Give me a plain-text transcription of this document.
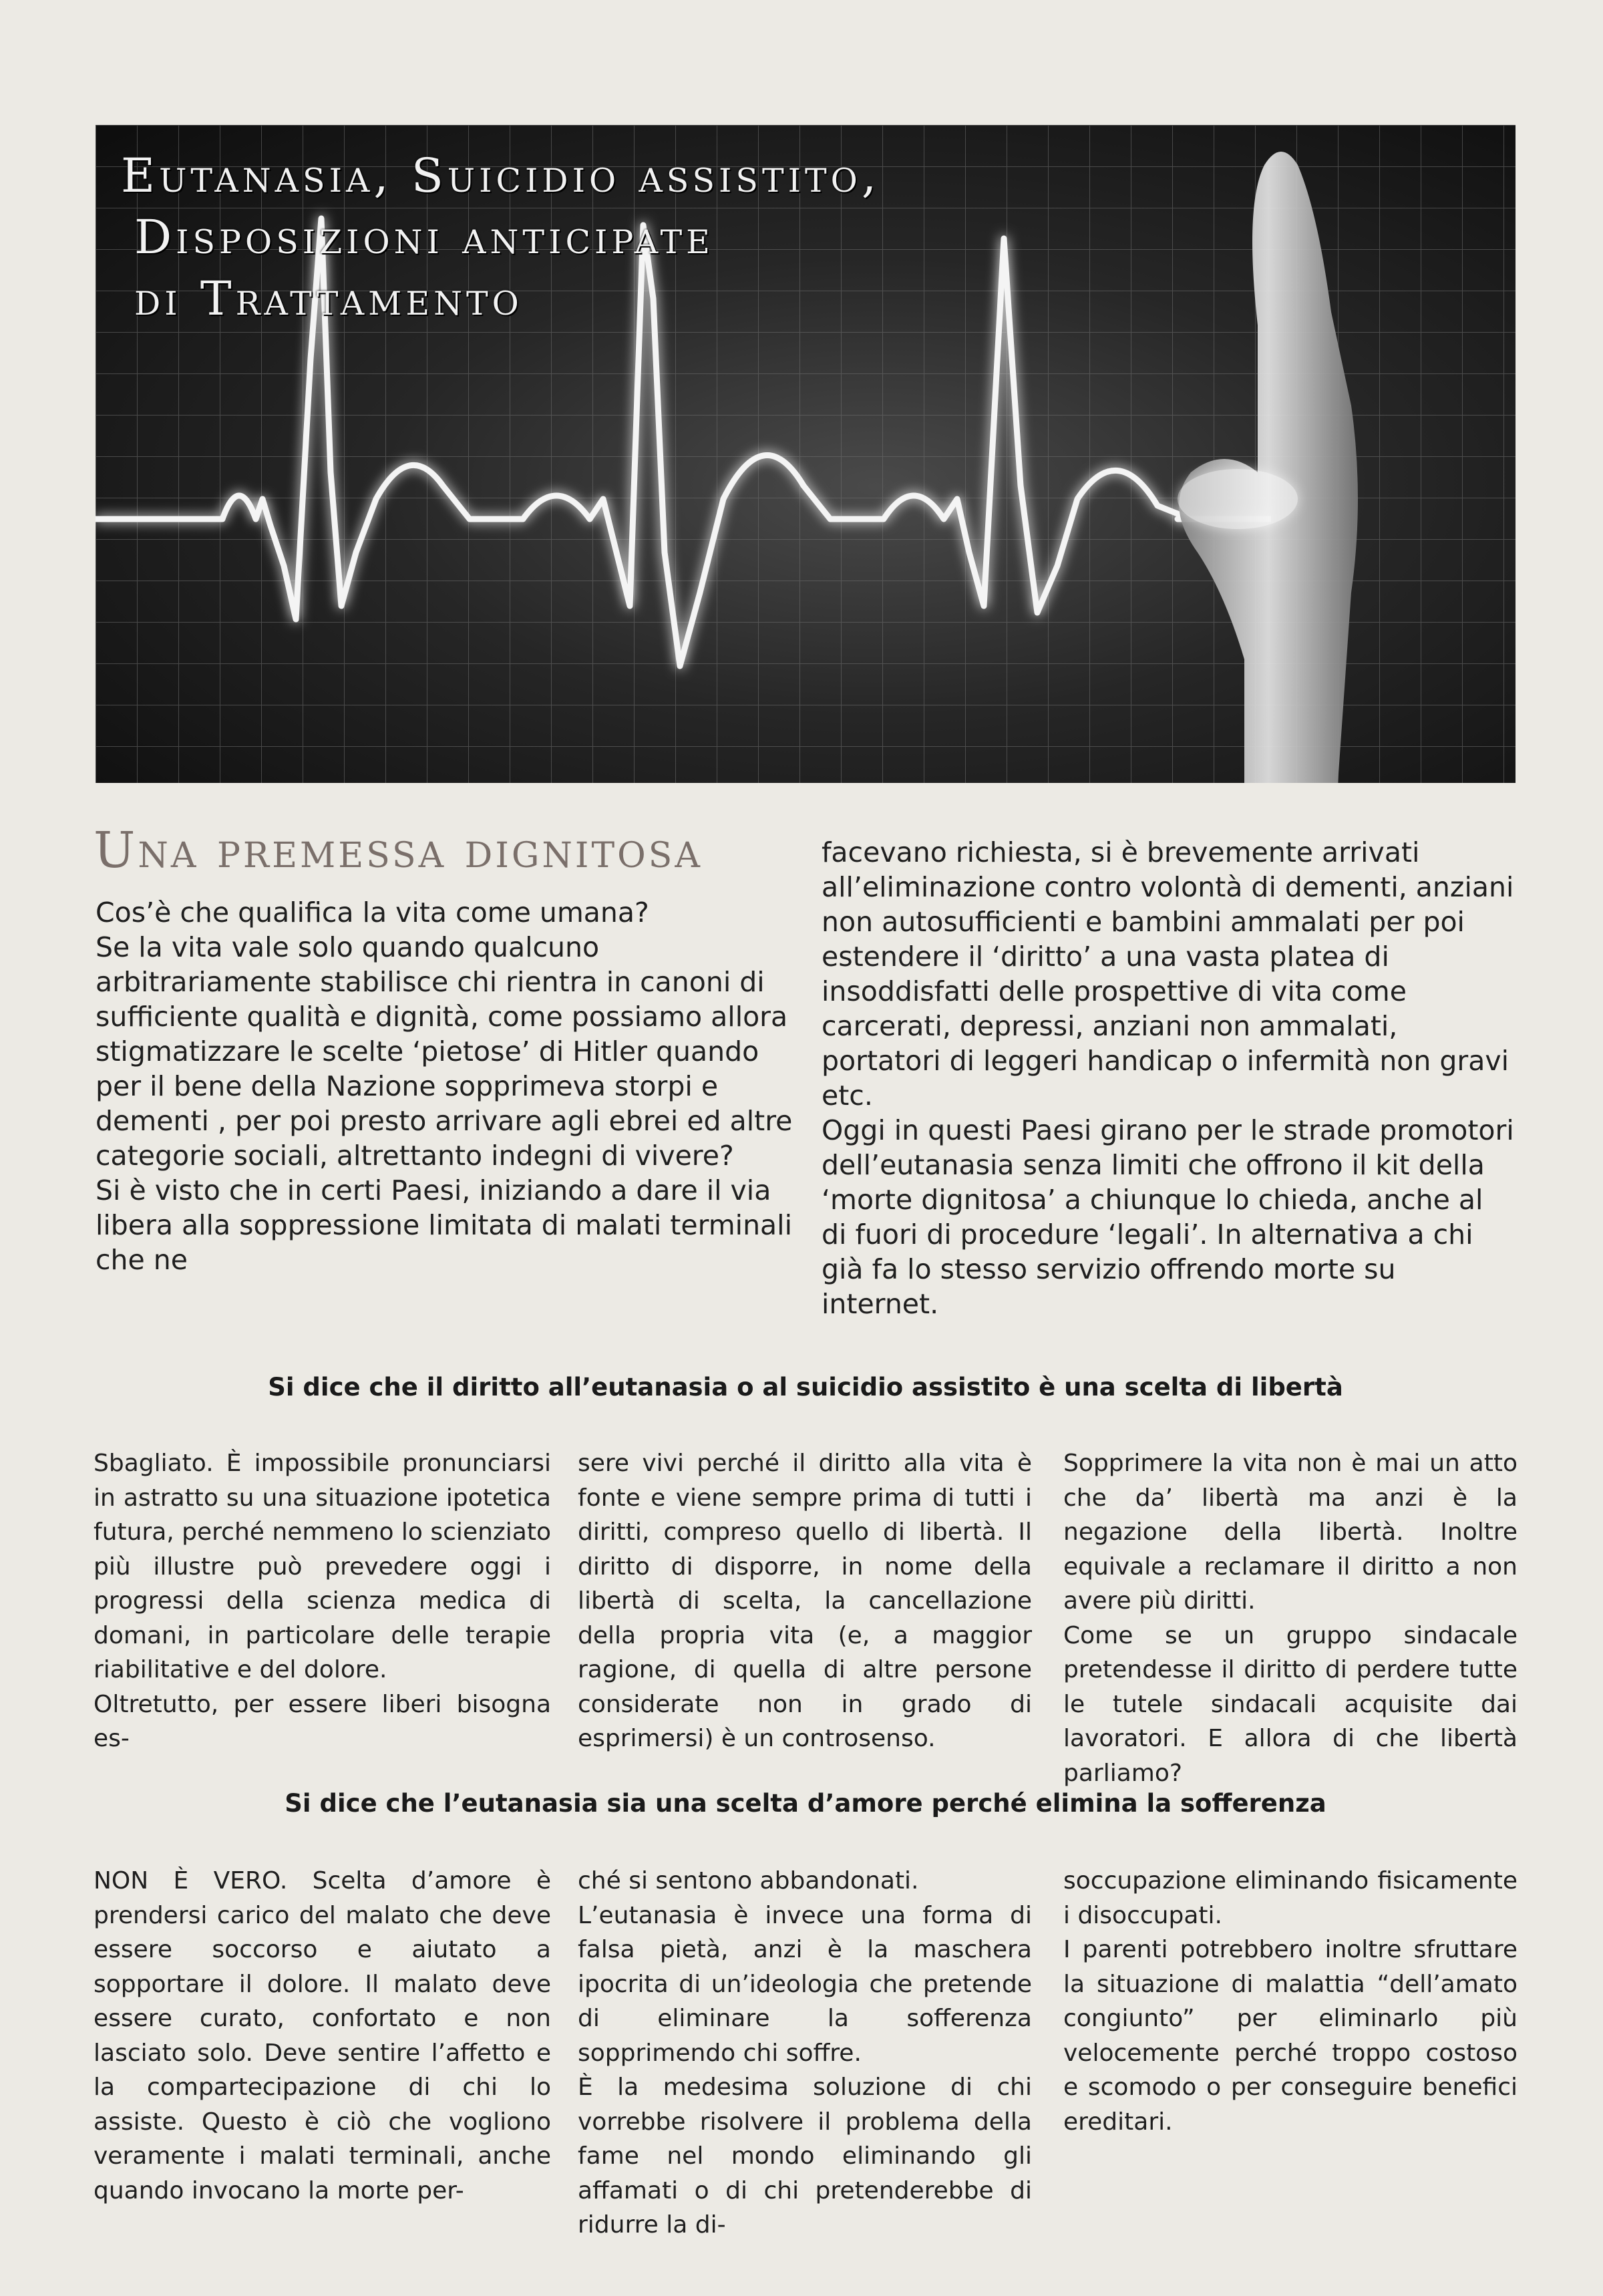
Eutanasia, Suicidio assistito,
Disposizioni anticipate
di Trattamento
Una premessa dignitosa

Cos’è che qualifica la vita come umana?

Se la vita vale solo quando qualcuno arbitrariamente stabilisce chi rientra in canoni di sufficiente qualità e dignità, come possiamo allora stigmatizzare le scelte ‘pietose’ di Hitler quando per il bene della Nazione sopprimeva storpi e dementi , per poi presto arrivare agli ebrei ed altre categorie sociali, altrettanto indegni di vivere?

Si è visto che in certi Paesi, iniziando a dare il via libera alla soppressione limitata di malati terminali che ne

facevano richiesta, si è brevemente arrivati all’eliminazione contro volontà di dementi, anziani non autosufficienti e bambini ammalati per poi estendere il ‘diritto’ a una vasta platea di insoddisfatti delle prospettive di vita come carcerati, depressi, anziani non ammalati, portatori di leggeri handicap o infermità non gravi etc.

Oggi in questi Paesi girano per le strade promotori dell’eutanasia senza limiti che offrono il kit della ‘morte dignitosa’ a chiunque lo chieda, anche al di fuori di procedure ‘legali’. In alternativa a chi già fa lo stesso servizio offrendo morte su internet.

Si dice che il diritto all’eutanasia o al suicidio assistito è una scelta di libertà

Sbagliato. È impossibile pronunciarsi in astratto su una situazione ipotetica futura, perché nemmeno lo scienziato più illustre può prevedere oggi i progressi della scienza medica di domani, in particolare delle terapie riabilitative e del dolore.

Oltretutto, per essere liberi bisogna es-

sere vivi perché il diritto alla vita è fonte e viene sempre prima di tutti i diritti, compreso quello di libertà. Il diritto di disporre, in nome della libertà di scelta, la cancellazione della propria vita (e, a maggior ragione, di quella di altre persone considerate non in grado di esprimersi) è un controsenso.

Sopprimere la vita non è mai un atto che da’ libertà ma anzi è la negazione della libertà. Inoltre equivale a reclamare il diritto a non avere più diritti.

Come se un gruppo sindacale pretendesse il diritto di perdere tutte le tutele sindacali acquisite dai lavoratori. E allora di che libertà parliamo?

Si dice che l’eutanasia sia una scelta d’amore perché elimina la sofferenza

NON È VERO. Scelta d’amore è prendersi carico del malato che deve essere soccorso e aiutato a sopportare il dolore. Il malato deve essere curato, confortato e non lasciato solo. Deve sentire l’affetto e la compartecipazione di chi lo assiste. Questo è ciò che vogliono veramente i malati terminali, anche quando invocano la morte per-

ché si sentono abbandonati.

L’eutanasia è invece una forma di falsa pietà, anzi è la maschera ipocrita di un’ideologia che pretende di eliminare la sofferenza sopprimendo chi soffre.

È la medesima soluzione di chi vorrebbe risolvere il problema della fame nel mondo eliminando gli affamati o di chi pretenderebbe di ridurre la di-

soccupazione eliminando fisicamente i disoccupati.

I parenti potrebbero inoltre sfruttare la situazione di malattia “dell’amato congiunto” per eliminarlo più velocemente perché troppo costoso e scomodo o per conseguire benefici ereditari.
